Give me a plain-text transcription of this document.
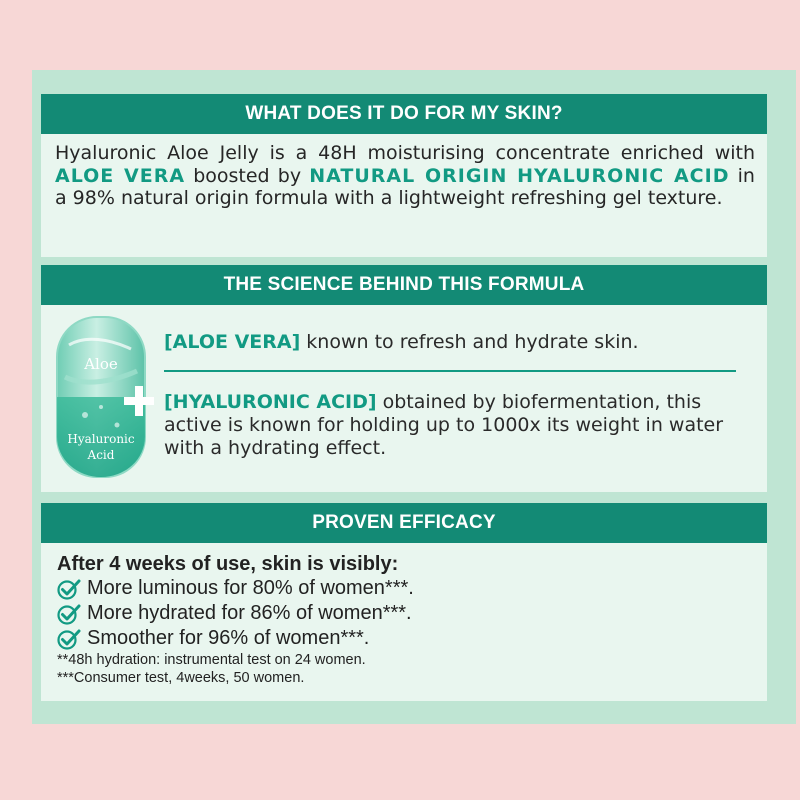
WHAT DOES IT DO FOR MY SKIN?

Hyaluronic Aloe Jelly is a 48H moisturising concentrate enriched with ALOE VERA boosted by NATURAL ORIGIN HYALURONIC ACID in a 98% natural origin formula with a lightweight refreshing gel texture.

THE SCIENCE BEHIND THIS FORMULA
Aloe
Hyaluronic
Acid
[ALOE VERA] known to refresh and hydrate skin.
[HYALURONIC ACID] obtained by biofermentation, this active is known for holding up to 1000x its weight in water with a hydrating effect.
PROVEN EFFICACY
After 4 weeks of use, skin is visibly:
More luminous for 80% of women***.
More hydrated for 86% of women***.
Smoother for 96% of women***.
**48h hydration: instrumental test on 24 women.
***Consumer test, 4weeks, 50 women.
